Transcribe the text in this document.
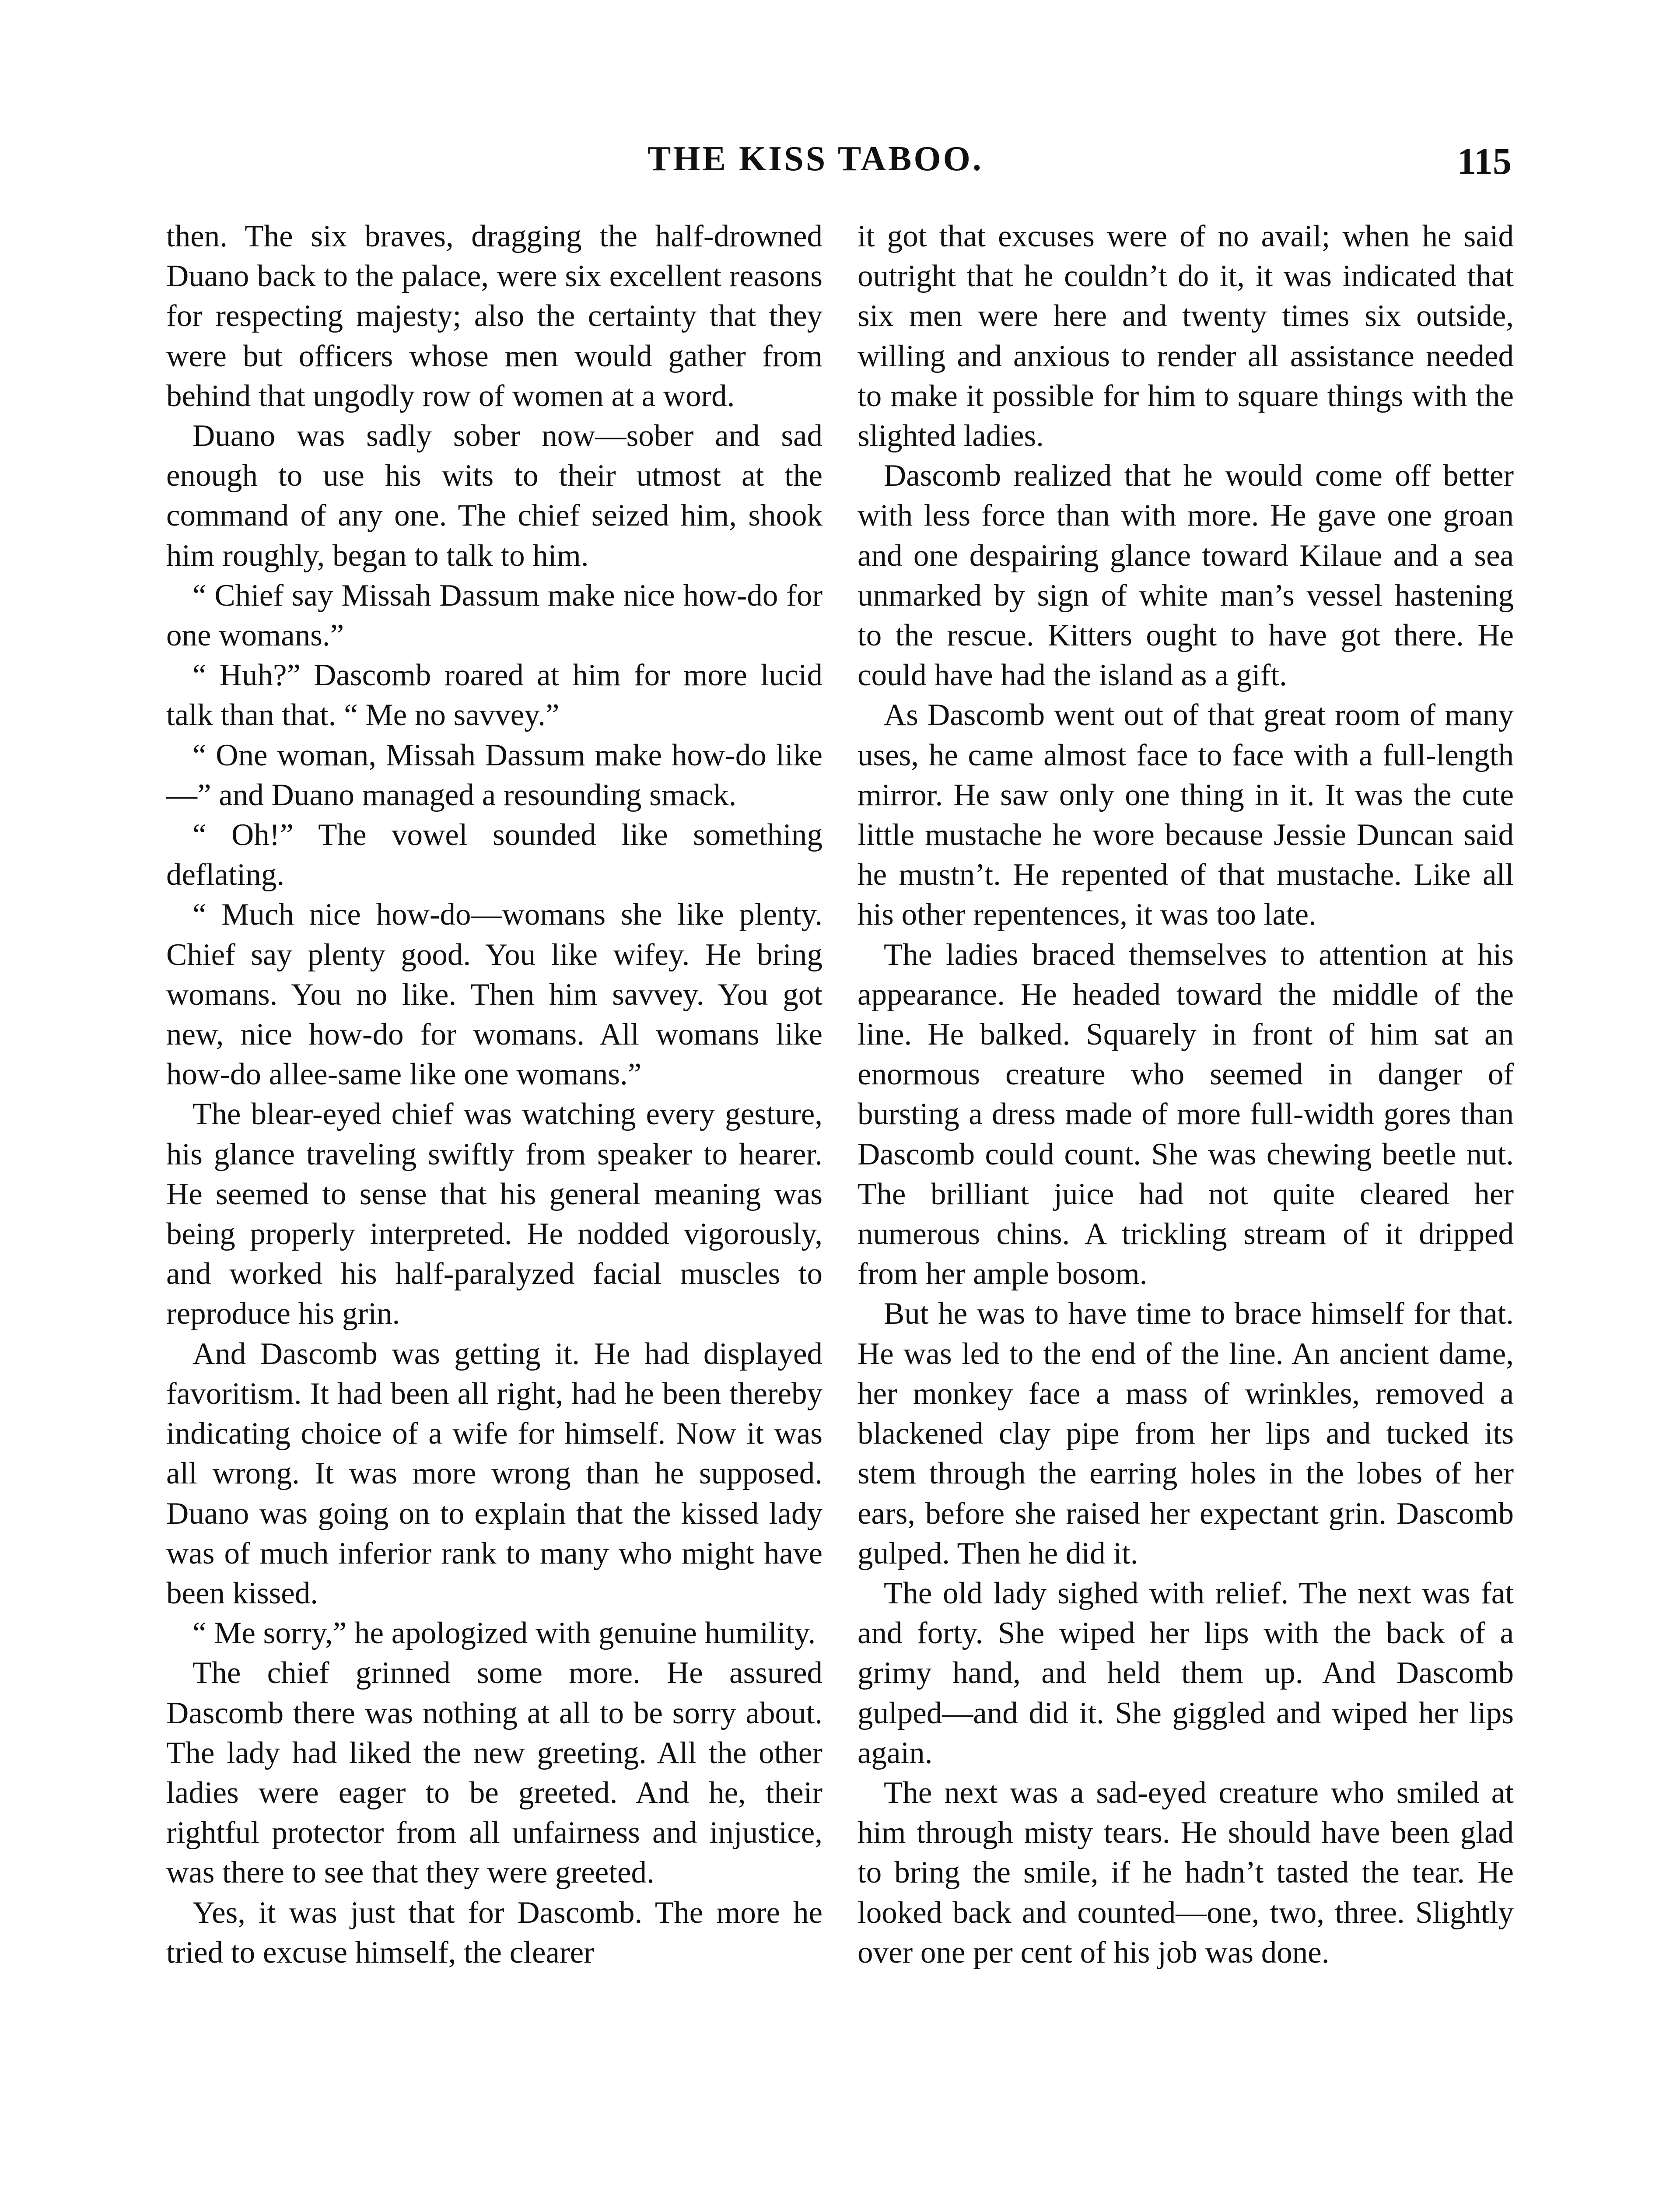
THE KISS TABOO.	115

then. The six braves, dragging the half-drowned Duano back to the palace, were six excellent reasons for respecting majesty; also the certainty that they were but officers whose men would gather from behind that ungodly row of women at a word.

Duano was sadly sober now—sober and sad enough to use his wits to their utmost at the command of any one. The chief seized him, shook him roughly, began to talk to him.

“ Chief say Missah Dassum make nice how-do for one womans.”

“ Huh?” Dascomb roared at him for more lucid talk than that. “ Me no savvey.”

“ One woman, Missah Dassum make how-do like—” and Duano managed a resounding smack.

“ Oh!” The vowel sounded like something deflating.

“ Much nice how-do—womans she like plenty. Chief say plenty good. You like wifey. He bring womans. You no like. Then him savvey. You got new, nice how-do for womans. All womans like how-do allee-same like one womans.”

The blear-eyed chief was watching every gesture, his glance traveling swiftly from speaker to hearer. He seemed to sense that his general meaning was being properly interpreted. He nodded vigorously, and worked his half-paralyzed facial muscles to reproduce his grin.

And Dascomb was getting it. He had displayed favoritism. It had been all right, had he been thereby indicating choice of a wife for himself. Now it was all wrong. It was more wrong than he supposed. Duano was going on to explain that the kissed lady was of much inferior rank to many who might have been kissed.

“ Me sorry,” he apologized with genuine humility.

The chief grinned some more. He assured Dascomb there was nothing at all to be sorry about. The lady had liked the new greeting. All the other ladies were eager to be greeted. And he, their rightful protector from all unfairness and injustice, was there to see that they were greeted.

Yes, it was just that for Dascomb. The more he tried to excuse himself, the clearer

it got that excuses were of no avail; when he said outright that he couldn’t do it, it was indicated that six men were here and twenty times six outside, willing and anxious to render all assistance needed to make it possible for him to square things with the slighted ladies.

Dascomb realized that he would come off better with less force than with more. He gave one groan and one despairing glance toward Kilaue and a sea unmarked by sign of white man’s vessel hastening to the rescue. Kitters ought to have got there. He could have had the island as a gift.

As Dascomb went out of that great room of many uses, he came almost face to face with a full-length mirror. He saw only one thing in it. It was the cute little mustache he wore because Jessie Duncan said he mustn’t. He repented of that mustache. Like all his other repentences, it was too late.

The ladies braced themselves to attention at his appearance. He headed toward the middle of the line. He balked. Squarely in front of him sat an enormous creature who seemed in danger of bursting a dress made of more full-width gores than Dascomb could count. She was chewing beetle nut. The brilliant juice had not quite cleared her numerous chins. A trickling stream of it dripped from her ample bosom.

But he was to have time to brace himself for that. He was led to the end of the line. An ancient dame, her monkey face a mass of wrinkles, removed a blackened clay pipe from her lips and tucked its stem through the earring holes in the lobes of her ears, before she raised her expectant grin. Dascomb gulped. Then he did it.

The old lady sighed with relief. The next was fat and forty. She wiped her lips with the back of a grimy hand, and held them up. And Dascomb gulped—and did it. She giggled and wiped her lips again.

The next was a sad-eyed creature who smiled at him through misty tears. He should have been glad to bring the smile, if he hadn’t tasted the tear. He looked back and counted—one, two, three. Slightly over one per cent of his job was done.
